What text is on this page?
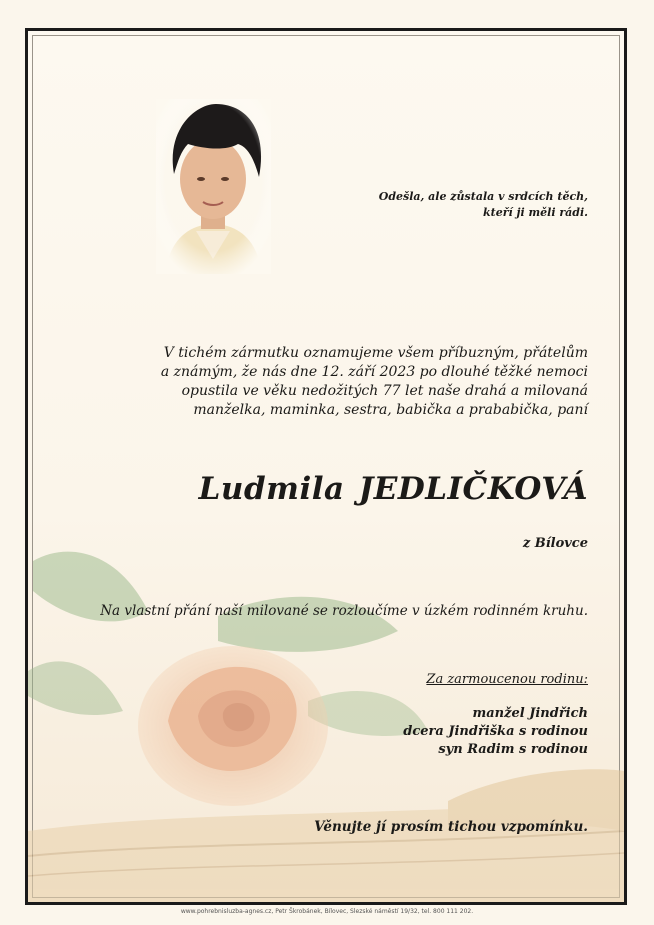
Odešla, ale zůstala v srdcích těch,
kteří ji měli rádi.
V tichém zármutku oznamujeme všem příbuzným, přátelům
a známým, že nás dne 12. září 2023 po dlouhé těžké nemoci
opustila ve věku nedožitých 77 let naše drahá a milovaná
manželka, maminka, sestra, babička a prababička, paní
Ludmila JEDLIČKOVÁ
z Bílovce
Na vlastní přání naší milované se rozloučíme v úzkém rodinném kruhu.
Za zarmoucenou rodinu:
manžel Jindřich
dcera Jindřiška s rodinou
syn Radim s rodinou
Věnujte jí prosím tichou vzpomínku.
www.pohrebnisluzba-agnes.cz, Petr Škrobánek, Bílovec, Slezské náměstí 19/32, tel. 800 111 202.
